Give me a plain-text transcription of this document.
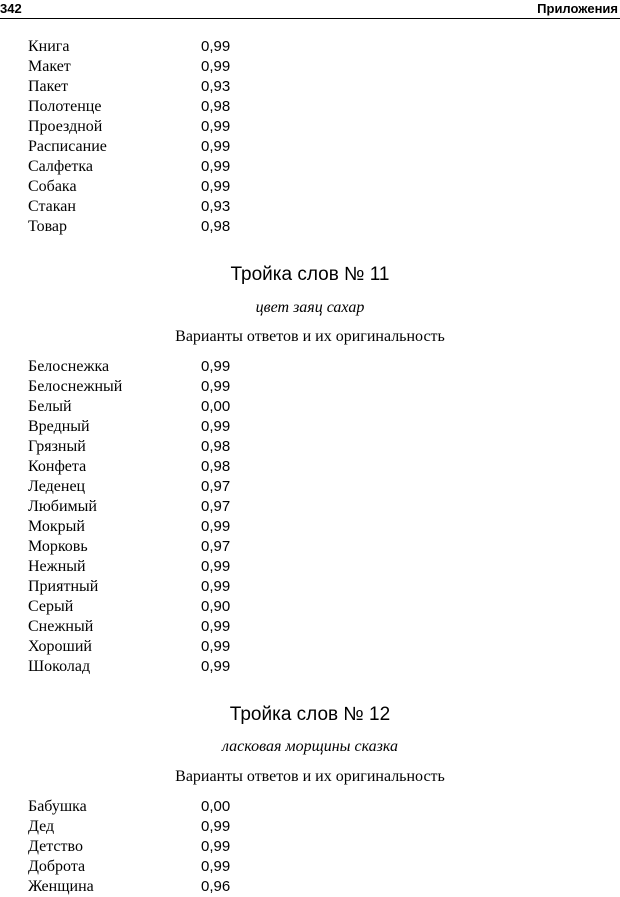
342	Приложения
Книга	0,99
Макет	0,99
Пакет	0,93
Полотенце	0,98
Проездной	0,99
Расписание	0,99
Салфетка	0,99
Собака	0,99
Стакан	0,93
Товар	0,98
Тройка слов № 11
цвет заяц сахар
Варианты ответов и их оригинальность
Белоснежка	0,99
Белоснежный	0,99
Белый	0,00
Вредный	0,99
Грязный	0,98
Конфета	0,98
Леденец	0,97
Любимый	0,97
Мокрый	0,99
Морковь	0,97
Нежный	0,99
Приятный	0,99
Серый	0,90
Снежный	0,99
Хороший	0,99
Шоколад	0,99
Тройка слов № 12
ласковая морщины сказка
Варианты ответов и их оригинальность
Бабушка	0,00
Дед	0,99
Детство	0,99
Доброта	0,99
Женщина	0,96
